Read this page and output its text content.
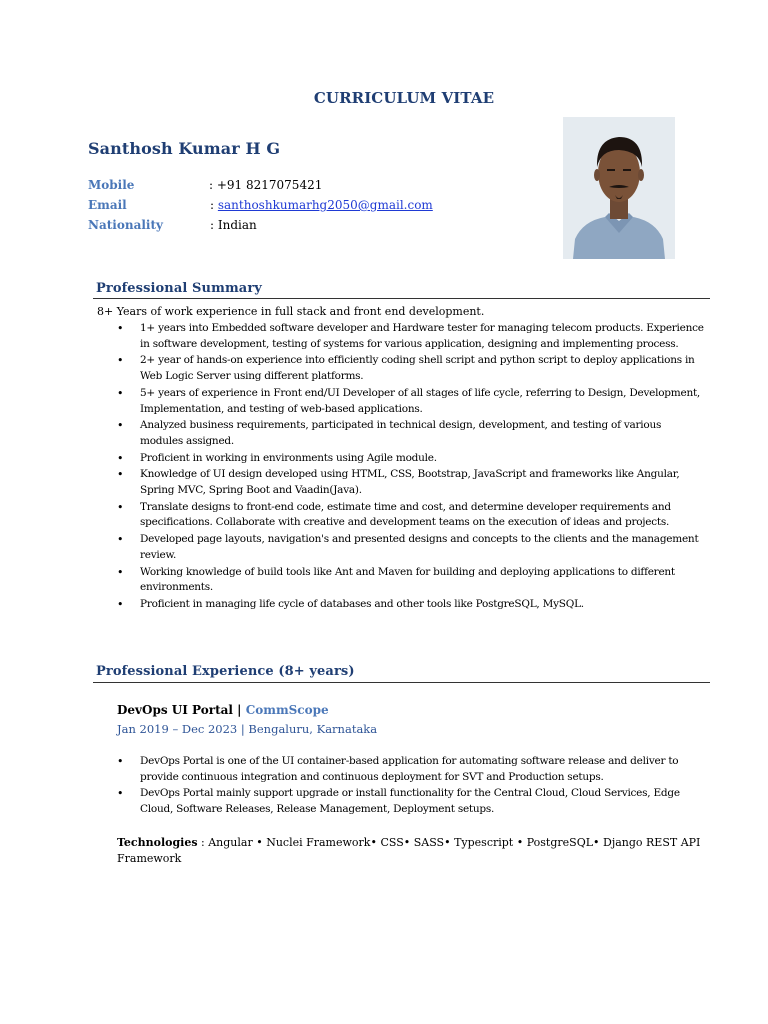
CURRICULUM VITAE
Santhosh Kumar H G
Mobile	: +91 8217075421
Email	: santhoshkumarhg2050@gmail.com
Nationality	: Indian
Professional Summary
8+ Years of work experience in full stack and front end development.
• 1+ years into Embedded software developer and Hardware tester for managing telecom products. Experience in software development, testing of systems for various application, designing and implementing process.
• 2+ year of hands-on experience into efficiently coding shell script and python script to deploy applications in Web Logic Server using different platforms.
• 5+ years of experience in Front end/UI Developer of all stages of life cycle, referring to Design, Development, Implementation, and testing of web-based applications.
• Analyzed business requirements, participated in technical design, development, and testing of various modules assigned.
• Proficient in working in environments using Agile module.
• Knowledge of UI design developed using HTML, CSS, Bootstrap, JavaScript and frameworks like Angular, Spring MVC, Spring Boot and Vaadin(Java).
• Translate designs to front-end code, estimate time and cost, and determine developer requirements and specifications. Collaborate with creative and development teams on the execution of ideas and projects.
• Developed page layouts, navigation's and presented designs and concepts to the clients and the management review.
• Working knowledge of build tools like Ant and Maven for building and deploying applications to different environments.
• Proficient in managing life cycle of databases and other tools like PostgreSQL, MySQL.
Professional Experience (8+ years)
DevOps UI Portal | CommScope
Jan 2019 – Dec 2023 | Bengaluru, Karnataka
• DevOps Portal is one of the UI container-based application for automating software release and deliver to provide continuous integration and continuous deployment for SVT and Production setups.
• DevOps Portal mainly support upgrade or install functionality for the Central Cloud, Cloud Services, Edge Cloud, Software Releases, Release Management, Deployment setups.
Technologies : Angular • Nuclei Framework• CSS• SASS• Typescript • PostgreSQL• Django REST API Framework
